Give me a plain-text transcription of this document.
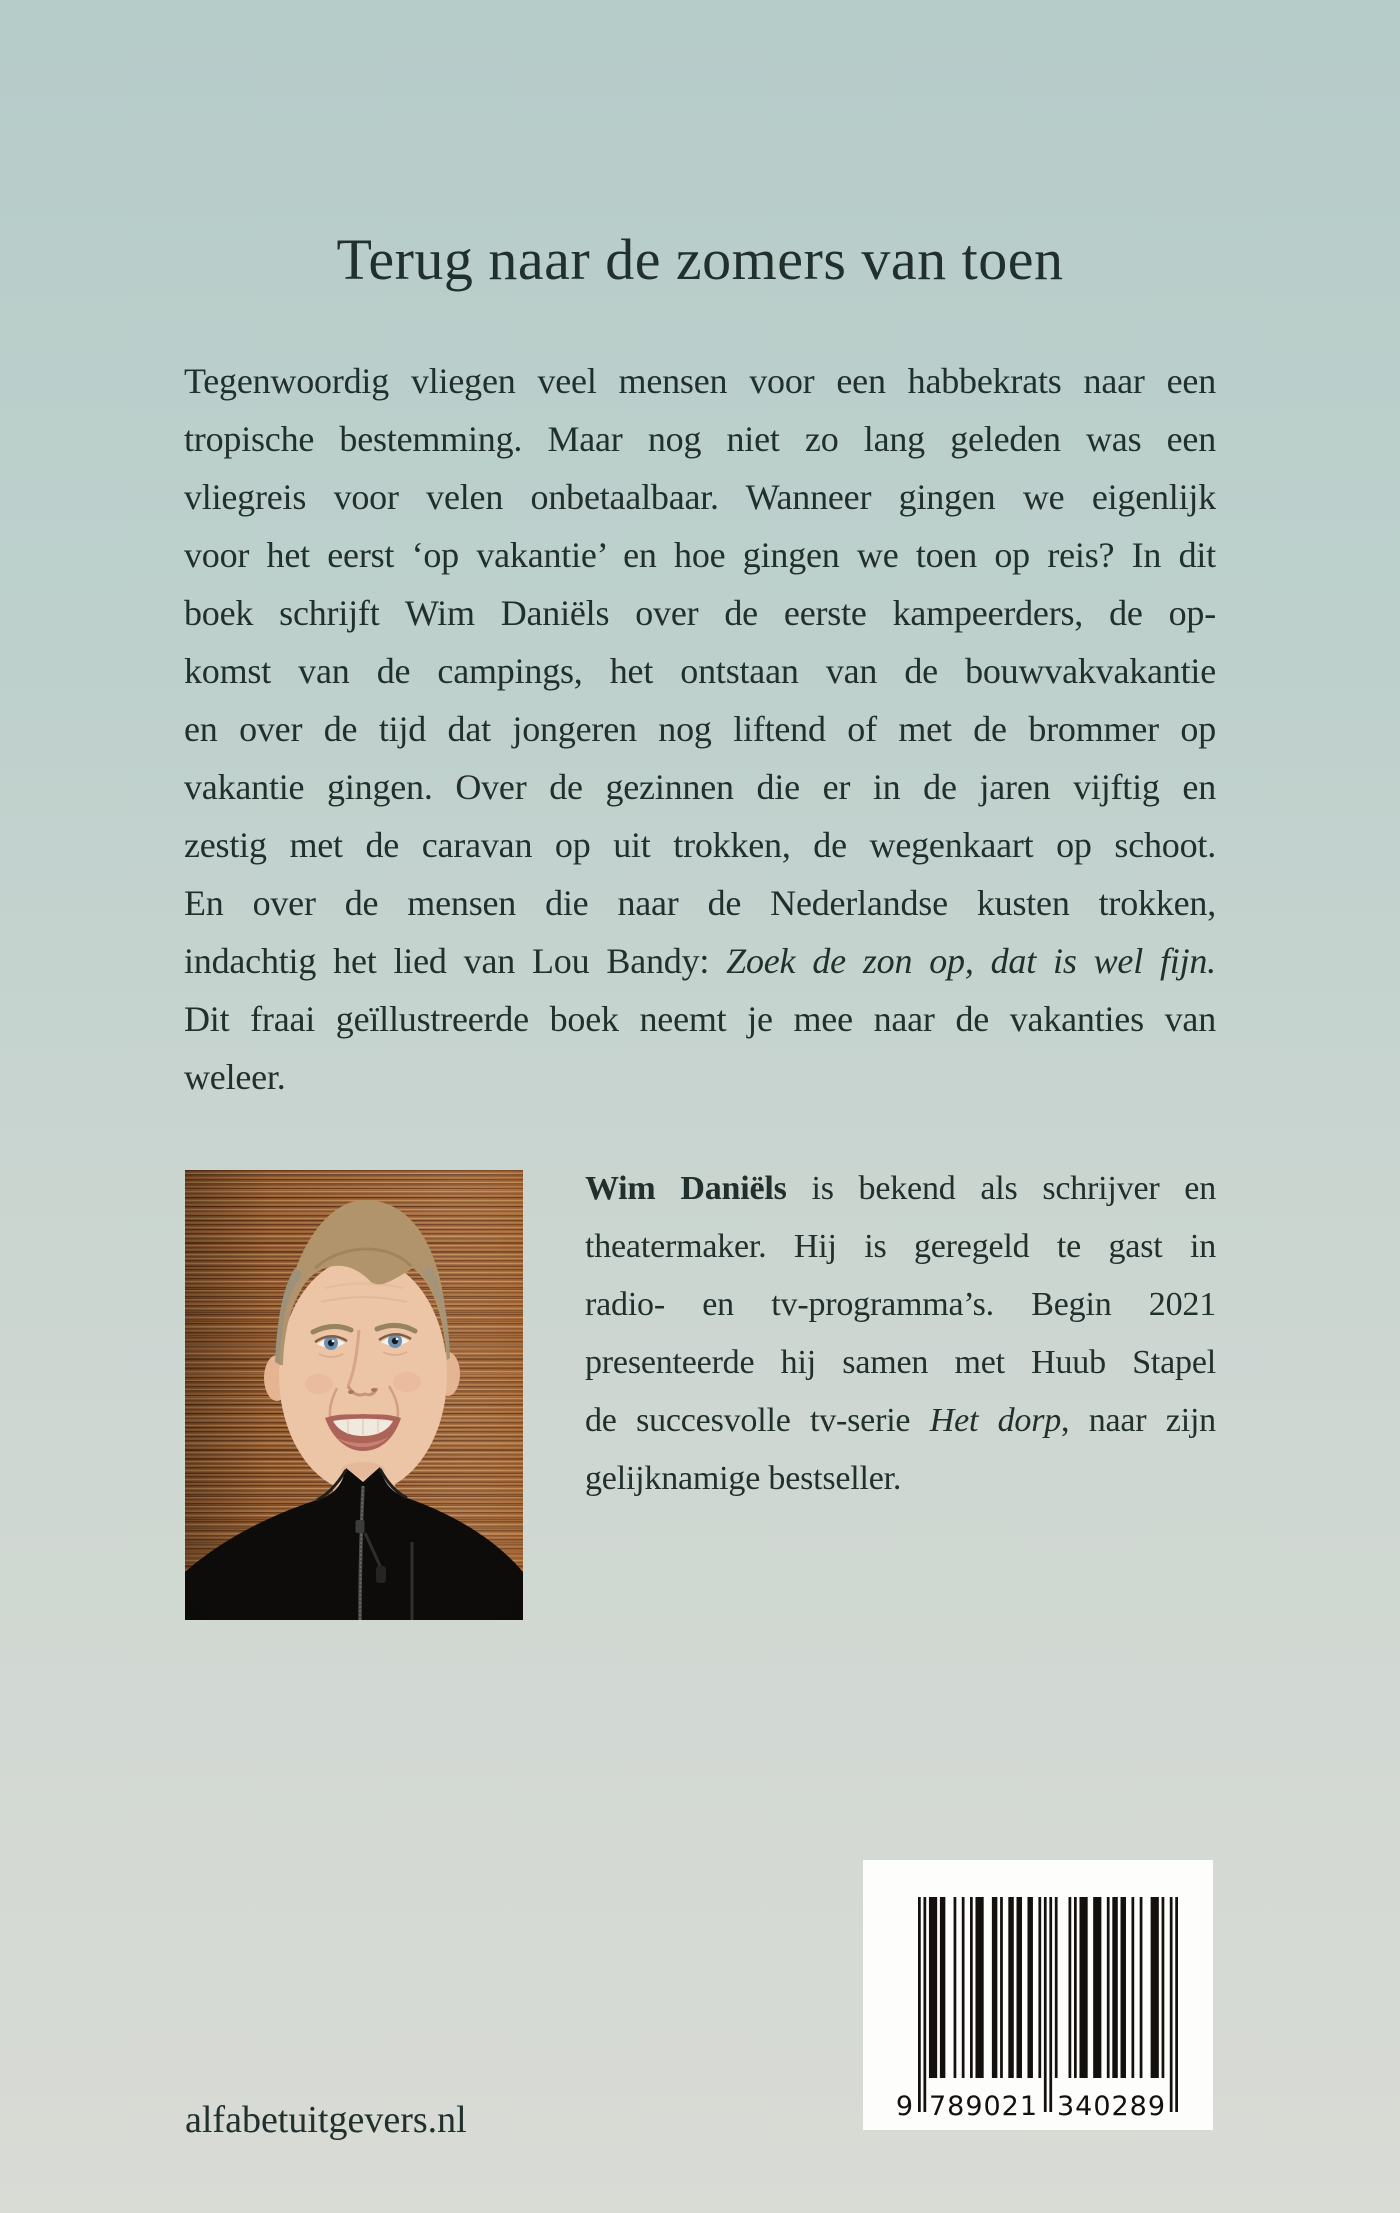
Terug naar de zomers van toen
Tegenwoordig vliegen veel mensen voor een habbekrats naar een
tropische bestemming. Maar nog niet zo lang geleden was een
vliegreis voor velen onbetaalbaar. Wanneer gingen we eigenlijk
voor het eerst ‘op vakantie’ en hoe gingen we toen op reis? In dit
boek schrijft Wim Daniëls over de eerste kampeerders, de op-
komst van de campings, het ontstaan van de bouwvakvakantie
en over de tijd dat jongeren nog liftend of met de brommer op
vakantie gingen. Over de gezinnen die er in de jaren vijftig en
zestig met de caravan op uit trokken, de wegenkaart op schoot.
En over de mensen die naar de Nederlandse kusten trokken,
indachtig het lied van Lou Bandy: Zoek de zon op, dat is wel fijn.
Dit fraai geïllustreerde boek neemt je mee naar de vakanties van
weleer.
Wim Daniëls is bekend als schrijver en
theatermaker. Hij is geregeld te gast in
radio- en tv-programma’s. Begin 2021
presenteerde hij samen met Huub Stapel
de succesvolle tv-serie Het dorp, naar zijn
gelijknamige bestseller.
9 789021 340289
alfabetuitgevers.nl
